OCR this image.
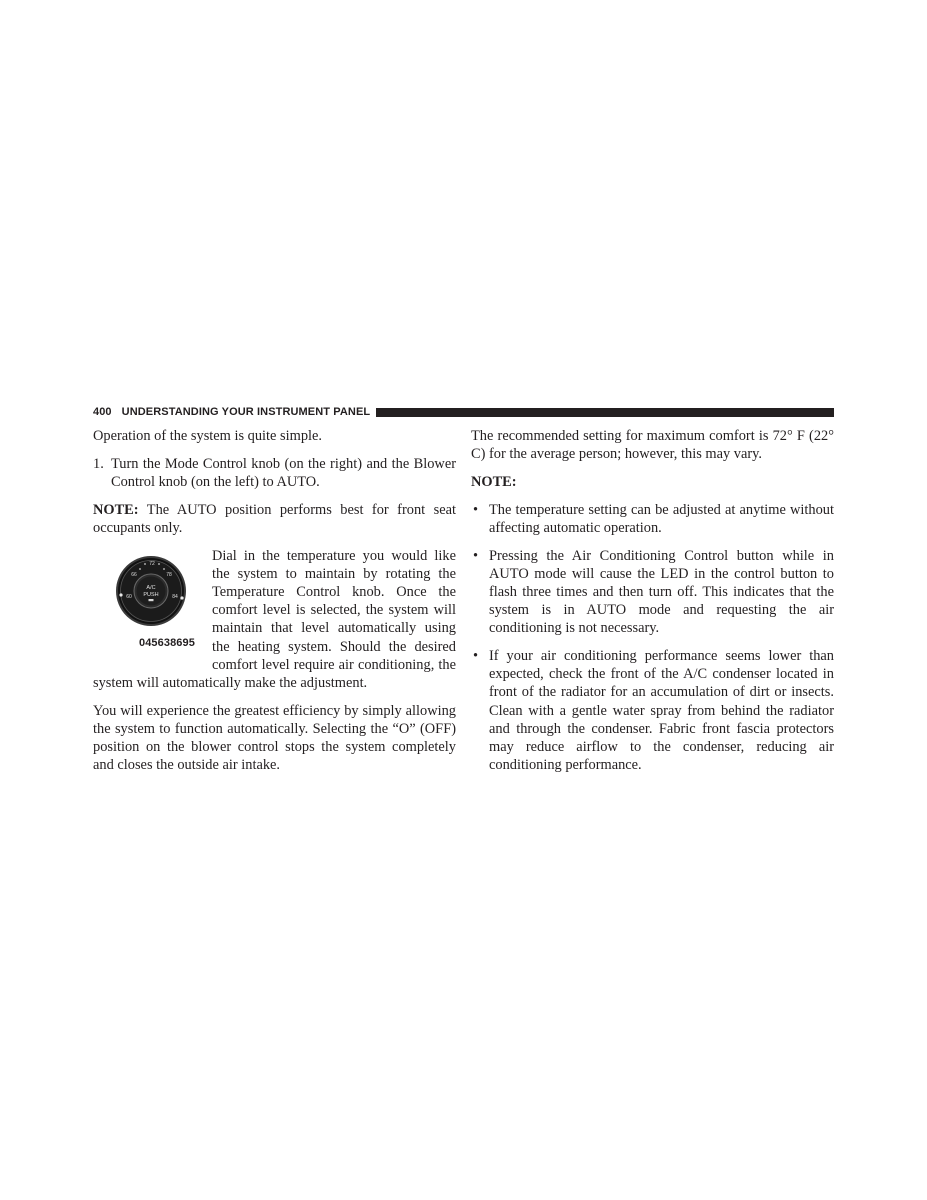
400 UNDERSTANDING YOUR INSTRUMENT PANEL

Operation of the system is quite simple.

1. Turn the Mode Control knob (on the right) and the Blower Control knob (on the left) to AUTO.

NOTE: The AUTO position performs best for front seat occupants only.

60
66
72
78
84
A/C
PUSH
045638695

Dial in the temperature you would like the system to maintain by rotating the Temperature Control knob. Once the comfort level is selected, the system will maintain that level automatically using the heating system. Should the desired comfort level require air conditioning, the system will automatically make the adjustment.

You will experience the greatest efficiency by simply allowing the system to function automatically. Selecting the “O” (OFF) position on the blower control stops the system completely and closes the outside air intake.

The recommended setting for maximum comfort is 72° F (22° C) for the average person; however, this may vary.

NOTE:

• The temperature setting can be adjusted at anytime without affecting automatic operation.
• Pressing the Air Conditioning Control button while in AUTO mode will cause the LED in the control button to flash three times and then turn off. This indicates that the system is in AUTO mode and requesting the air conditioning is not necessary.
• If your air conditioning performance seems lower than expected, check the front of the A/C condenser located in front of the radiator for an accumulation of dirt or insects. Clean with a gentle water spray from behind the radiator and through the condenser. Fabric front fascia protectors may reduce airflow to the condenser, reducing air conditioning performance.
